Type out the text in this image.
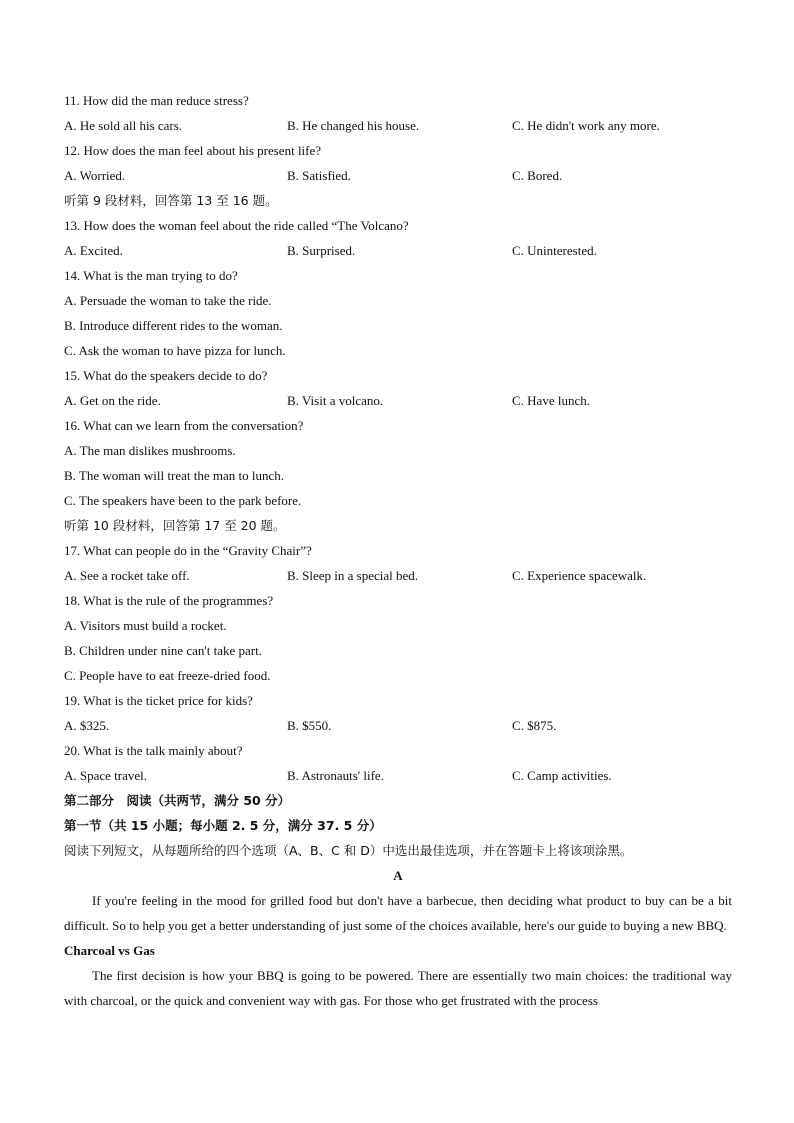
11. How did the man reduce stress?
A. He sold all his cars.	B. He changed his house.	C. He didn't work any more.
12. How does the man feel about his present life?
A. Worried.	B. Satisfied.	C. Bored.
听第 9 段材料，回答第 13 至 16 题。
13. How does the woman feel about the ride called “The Volcano?
A. Excited.	B. Surprised.	C. Uninterested.
14. What is the man trying to do?
A. Persuade the woman to take the ride.
B. Introduce different rides to the woman.
C. Ask the woman to have pizza for lunch.
15. What do the speakers decide to do?
A. Get on the ride.	B. Visit a volcano.	C. Have lunch.
16. What can we learn from the conversation?
A. The man dislikes mushrooms.
B. The woman will treat the man to lunch.
C. The speakers have been to the park before.
听第 10 段材料，回答第 17 至 20 题。
17. What can people do in the “Gravity Chair”?
A. See a rocket take off.	B. Sleep in a special bed.	C. Experience spacewalk.
18. What is the rule of the programmes?
A. Visitors must build a rocket.
B. Children under nine can't take part.
C. People have to eat freeze-dried food.
19. What is the ticket price for kids?
A. $325.	B. $550.	C. $875.
20. What is the talk mainly about?
A. Space travel.	B. Astronauts' life.	C. Camp activities.
第二部分　阅读（共两节，满分 50 分）
第一节（共 15 小题；每小题 2. 5 分，满分 37. 5 分）
阅读下列短文，从每题所给的四个选项（A、B、C 和 D）中选出最佳选项，并在答题卡上将该项涂黑。
A

If you're feeling in the mood for grilled food but don't have a barbecue, then deciding what product to buy can be a bit difficult. So to help you get a better understanding of just some of the choices available, here's our guide to buying a new BBQ.

Charcoal vs Gas

The first decision is how your BBQ is going to be powered. There are essentially two main choices: the traditional way with charcoal, or the quick and convenient way with gas. For those who get frustrated with the process
